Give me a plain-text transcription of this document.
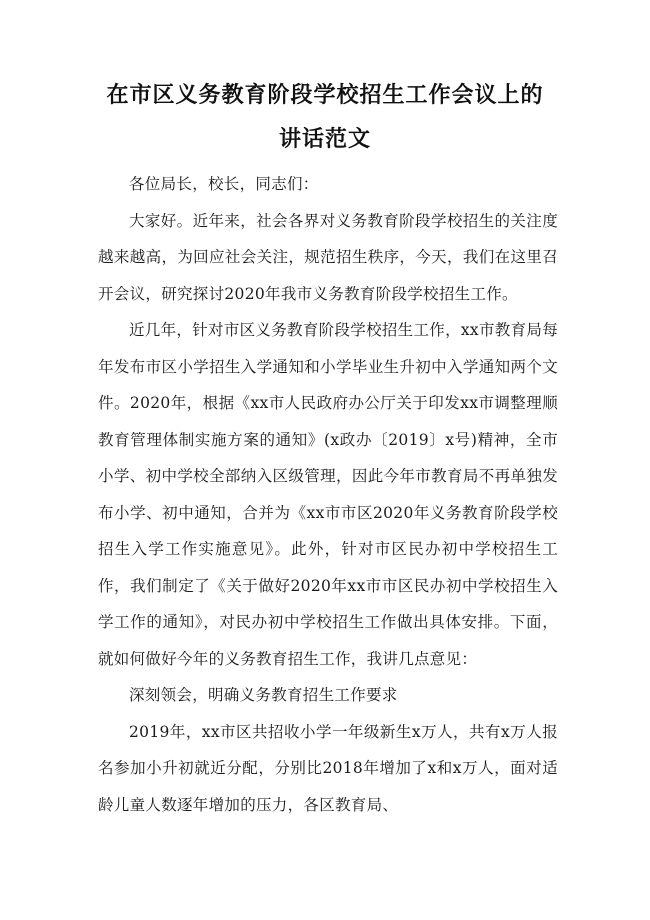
在市区义务教育阶段学校招生工作会议上的
讲话范文

各位局长，校长，同志们：

大家好。近年来，社会各界对义务教育阶段学校招生的关注度越来越高，为回应社会关注，规范招生秩序，今天，我们在这里召开会议，研究探讨2020年我市义务教育阶段学校招生工作。

近几年，针对市区义务教育阶段学校招生工作，xx市教育局每年发布市区小学招生入学通知和小学毕业生升初中入学通知两个文件。2020年，根据《xx市人民政府办公厅关于印发xx市调整理顺教育管理体制实施方案的通知》(x政办〔2019〕x号)精神，全市小学、初中学校全部纳入区级管理，因此今年市教育局不再单独发布小学、初中通知，合并为《xx市市区2020年义务教育阶段学校招生入学工作实施意见》。此外，针对市区民办初中学校招生工作，我们制定了《关于做好2020年xx市市区民办初中学校招生入学工作的通知》，对民办初中学校招生工作做出具体安排。下面，就如何做好今年的义务教育招生工作，我讲几点意见：

深刻领会，明确义务教育招生工作要求

2019年，xx市区共招收小学一年级新生x万人，共有x万人报名参加小升初就近分配，分别比2018年增加了x和x万人，面对适龄儿童人数逐年增加的压力，各区教育局、
